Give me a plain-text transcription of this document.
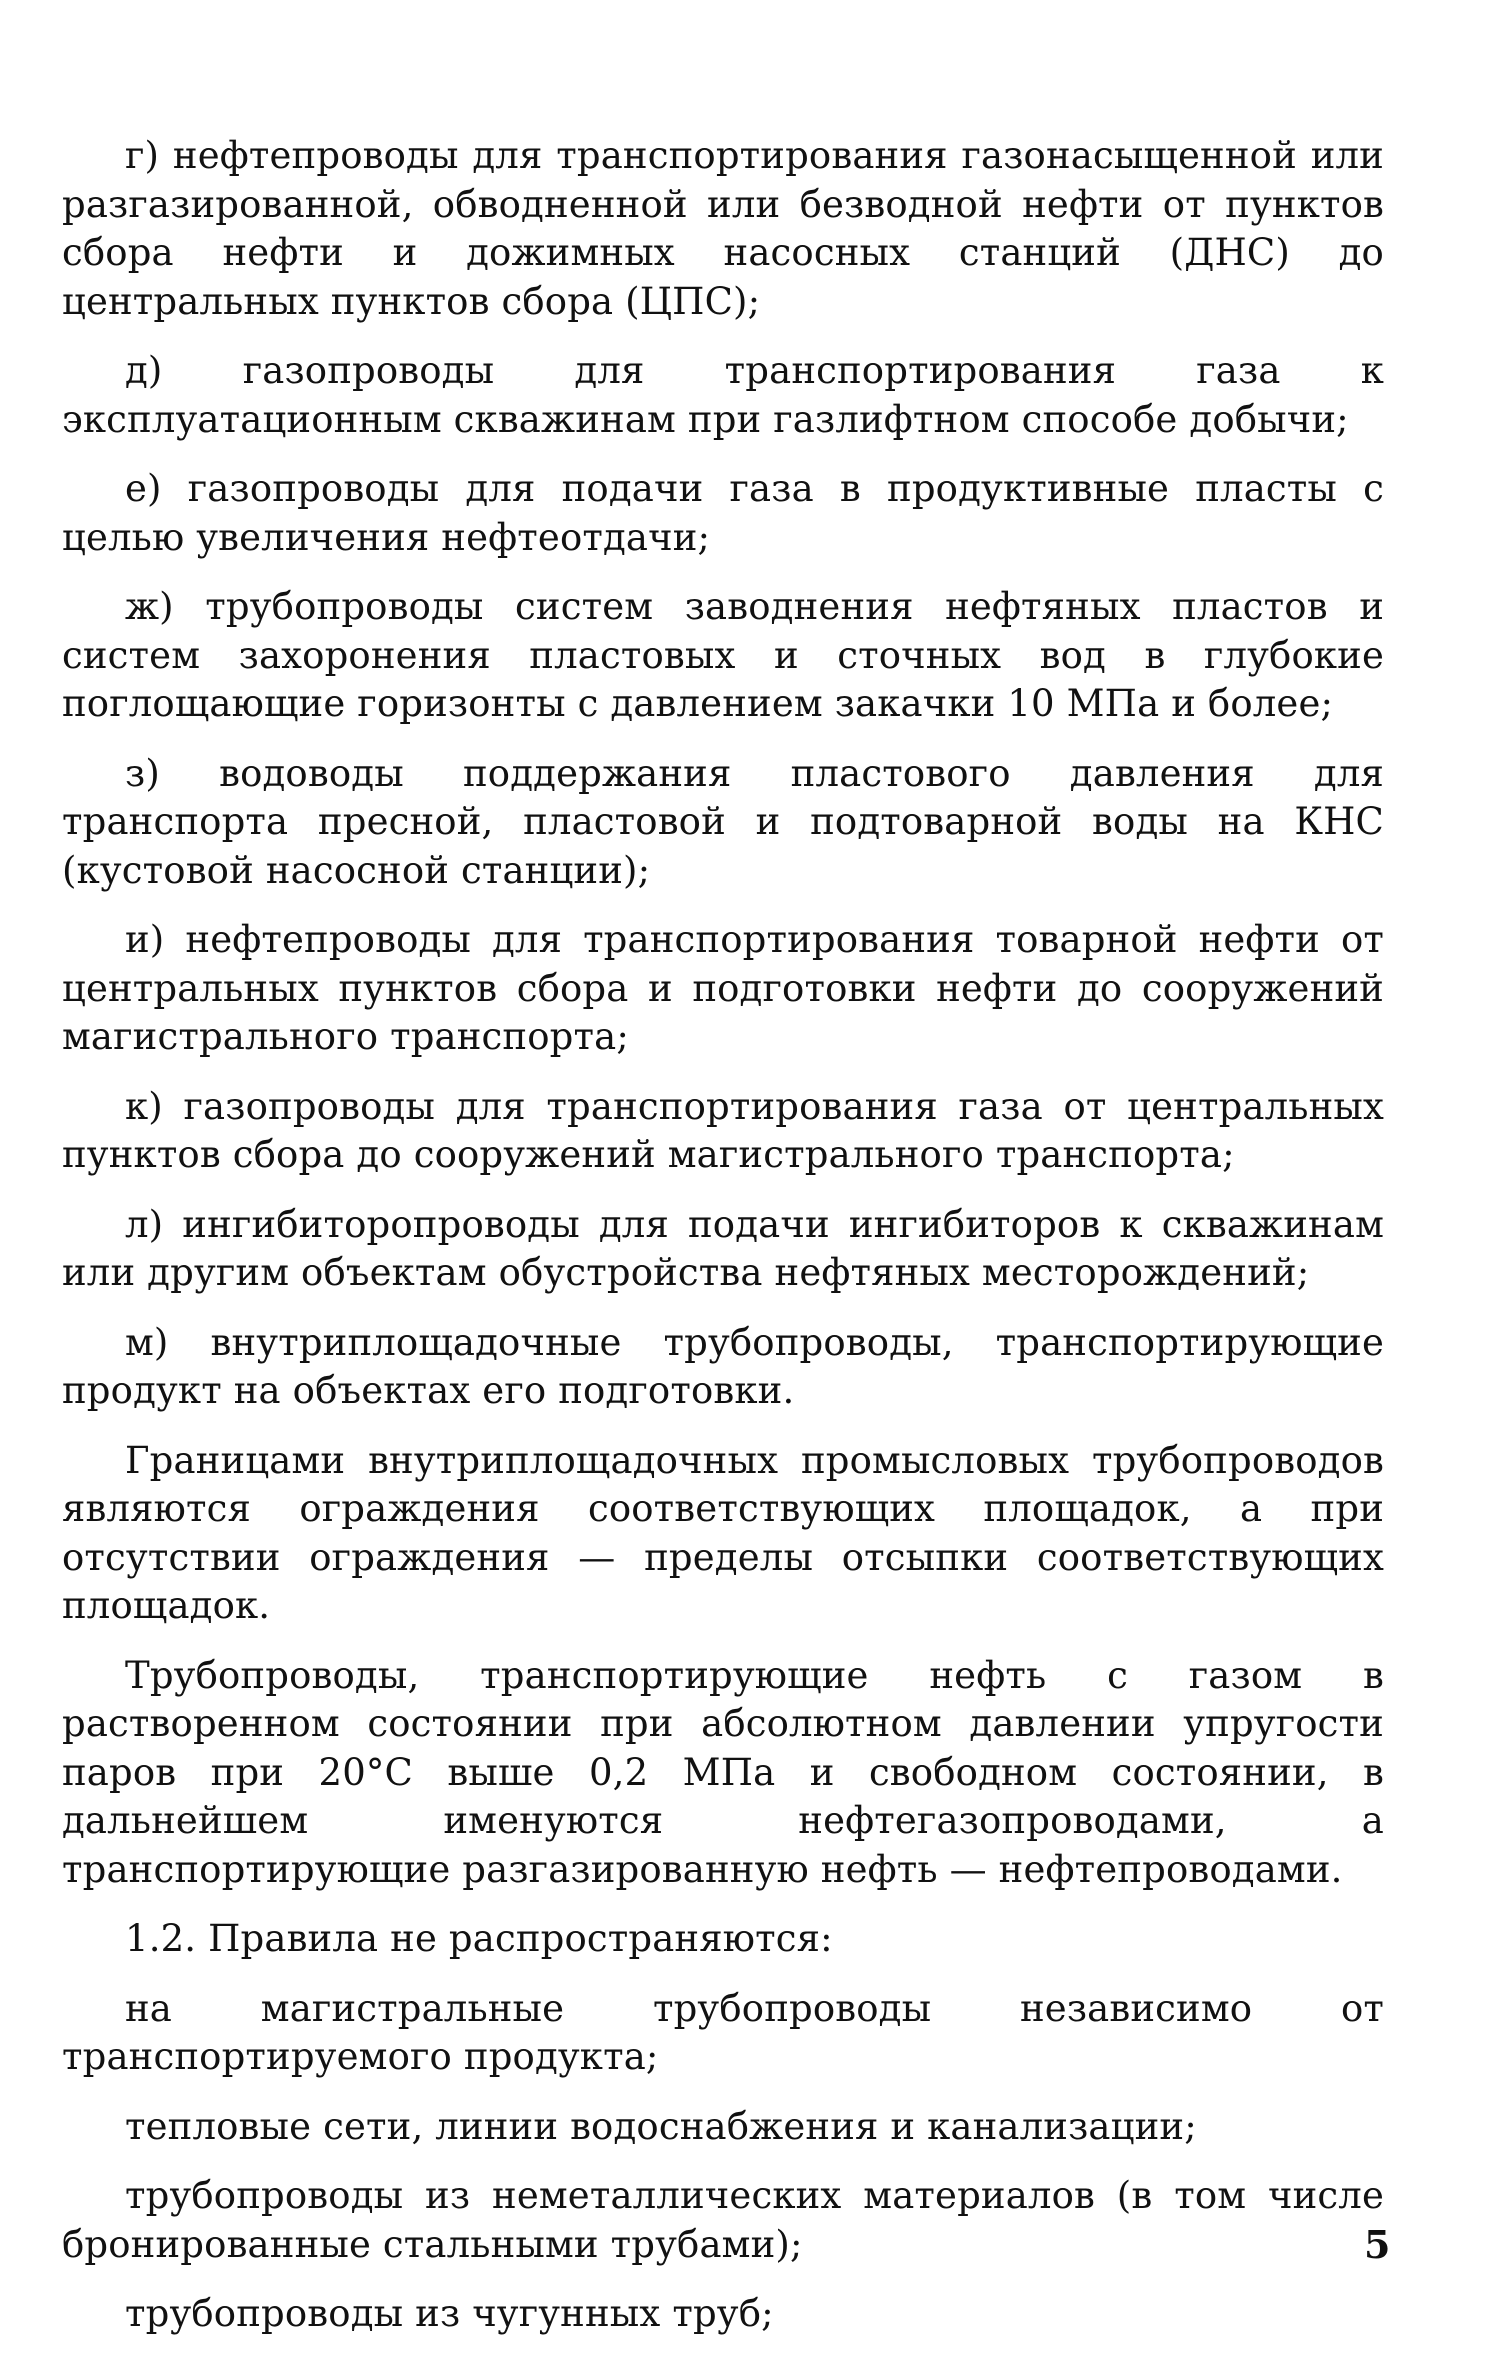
г) нефтепроводы для транспортирования газонасыщенной или разгазированной, обводненной или безводной нефти от пунктов сбора нефти и дожимных насосных станций (ДНС) до центральных пунктов сбора (ЦПС);

д) газопроводы для транспортирования газа к эксплуатационным скважинам при газлифтном способе добычи;

е) газопроводы для подачи газа в продуктивные пласты с целью увеличения нефтеотдачи;

ж) трубопроводы систем заводнения нефтяных пластов и систем захоронения пластовых и сточных вод в глубокие поглощающие горизонты с давлением закачки 10 МПа и более;

з) водоводы поддержания пластового давления для транспорта пресной, пластовой и подтоварной воды на КНС (кустовой насосной станции);

и) нефтепроводы для транспортирования товарной нефти от центральных пунктов сбора и подготовки нефти до сооружений магистрального транспорта;

к) газопроводы для транспортирования газа от центральных пунктов сбора до сооружений магистрального транспорта;

л) ингибиторопроводы для подачи ингибиторов к скважинам или другим объектам обустройства нефтяных месторождений;

м) внутриплощадочные трубопроводы, транспортирующие продукт на объектах его подготовки.

Границами внутриплощадочных промысловых трубопроводов являются ограждения соответствующих площадок, а при отсутствии ограждения — пределы отсыпки соответствующих площадок.

Трубопроводы, транспортирующие нефть с газом в растворенном состоянии при абсолютном давлении упругости паров при 20°С выше 0,2 МПа и свободном состоянии, в дальнейшем именуются нефтегазопроводами, а транспортирующие разгазированную нефть — нефтепроводами.

1.2. Правила не распространяются:

на магистральные трубопроводы независимо от транспортируемого продукта;

тепловые сети, линии водоснабжения и канализации;

трубопроводы из неметаллических материалов (в том числе бронированные стальными трубами);

трубопроводы из чугунных труб;

5
